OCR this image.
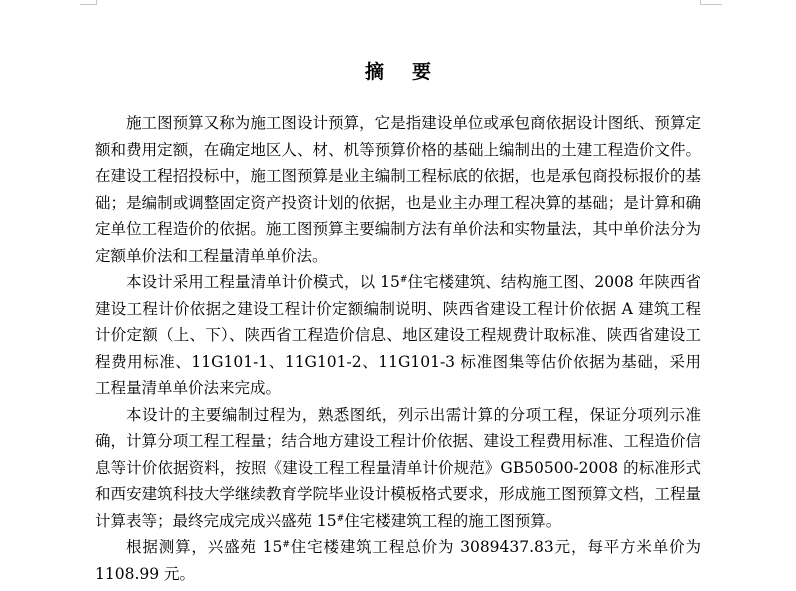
摘要

施工图预算又称为施工图设计预算，它是指建设单位或承包商依据设计图纸、预算定额和费用定额，在确定地区人、材、机等预算价格的基础上编制出的土建工程造价文件。在建设工程招投标中，施工图预算是业主编制工程标底的依据，也是承包商投标报价的基础；是编制或调整固定资产投资计划的依据，也是业主办理工程决算的基础；是计算和确定单位工程造价的依据。施工图预算主要编制方法有单价法和实物量法，其中单价法分为定额单价法和工程量清单单价法。

本设计采用工程量清单计价模式，以 15#住宅楼建筑、结构施工图、2008 年陕西省建设工程计价依据之建设工程计价定额编制说明、陕西省建设工程计价依据 A 建筑工程计价定额（上、下）、陕西省工程造价信息、地区建设工程规费计取标准、陕西省建设工程费用标准、11G101-1、11G101-2、11G101-3 标准图集等估价依据为基础，采用工程量清单单价法来完成。

本设计的主要编制过程为，熟悉图纸，列示出需计算的分项工程，保证分项列示准确，计算分项工程工程量；结合地方建设工程计价依据、建设工程费用标准、工程造价信息等计价依据资料，按照《建设工程工程量清单计价规范》GB50500-2008 的标准形式和西安建筑科技大学继续教育学院毕业设计模板格式要求，形成施工图预算文档，工程量计算表等；最终完成完成兴盛苑 15#住宅楼建筑工程的施工图预算。

根据测算，兴盛苑 15#住宅楼建筑工程总价为 3089437.83元，每平方米单价为 1108.99 元。
